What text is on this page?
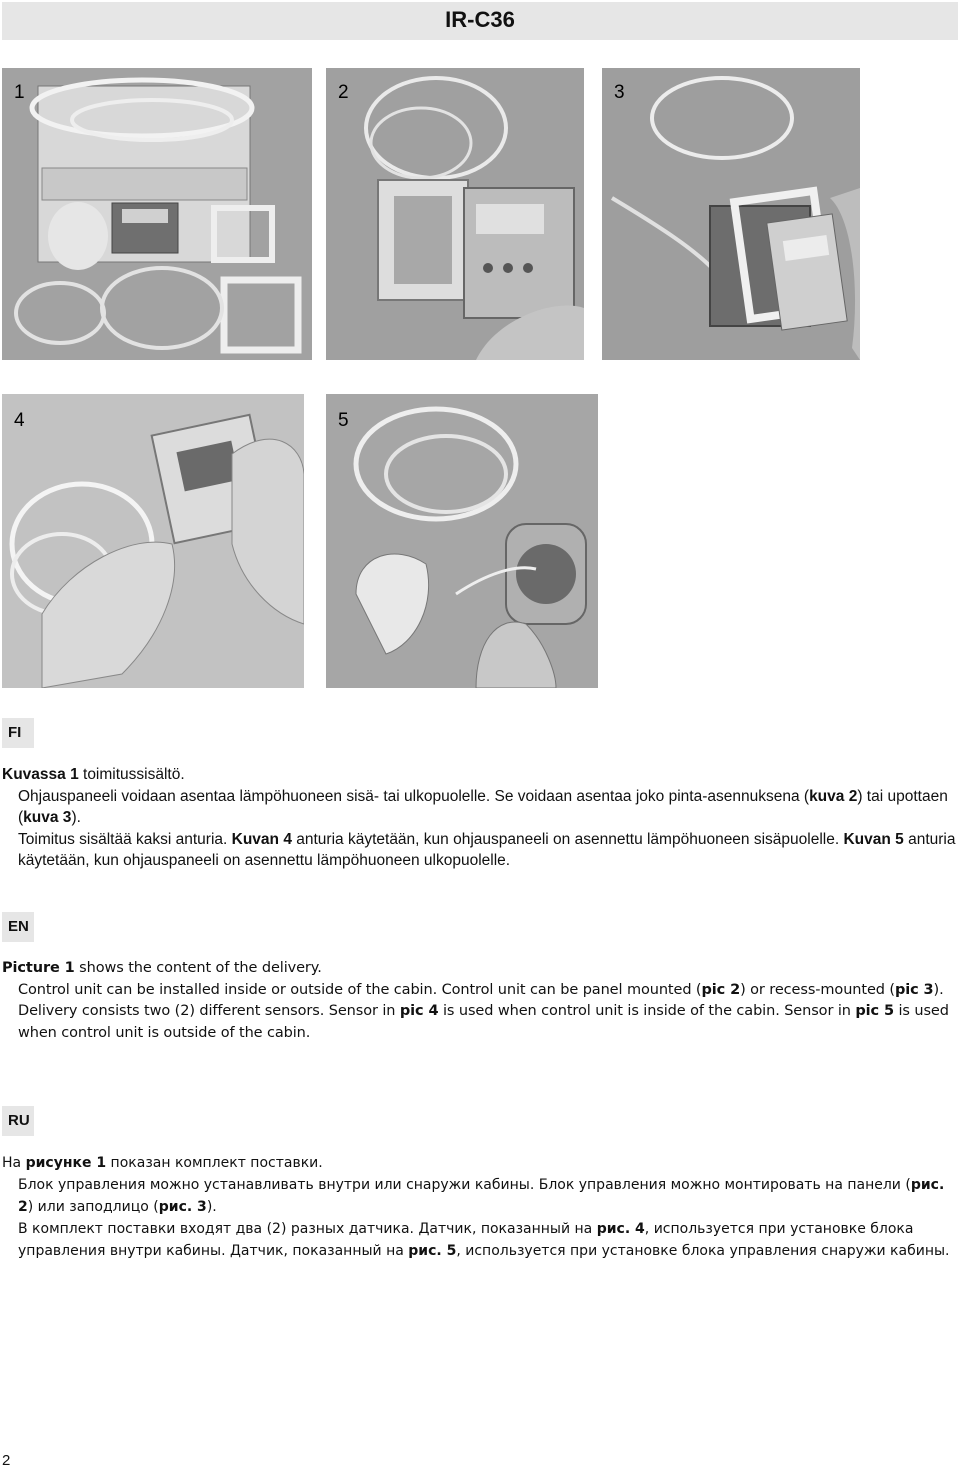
IR-C36
1	2	3
4	5
FI

Kuvassa 1 toimitussisältö.

Ohjauspaneeli voidaan asentaa lämpöhuoneen sisä- tai ulkopuolelle. Se voidaan asentaa joko pinta-asennuksena (kuva 2) tai upottaen (kuva 3).

Toimitus sisältää kaksi anturia. Kuvan 4 anturia käytetään, kun ohjauspaneeli on asennettu lämpöhuoneen sisäpuolelle. Kuvan 5 anturia käytetään, kun ohjauspaneeli on asennettu lämpöhuoneen ulkopuolelle.

EN

Picture 1 shows the content of the delivery.

Control unit can be installed inside or outside of the cabin. Control unit can be panel mounted (pic 2) or recess-mounted (pic 3).

Delivery consists two (2) different sensors. Sensor in pic 4 is used when control unit is inside of the cabin. Sensor in pic 5 is used when control unit is outside of the cabin.

RU

На рисунке 1 показан комплект поставки.

Блок управления можно устанавливать внутри или снаружи кабины. Блок управления можно монтировать на панели (рис. 2) или заподлицо (рис. 3).

В комплект поставки входят два (2) разных датчика. Датчик, показанный на рис. 4, используется при установке блока управления внутри кабины. Датчик, показанный на рис. 5, используется при установке блока управления снаружи кабины.

2
